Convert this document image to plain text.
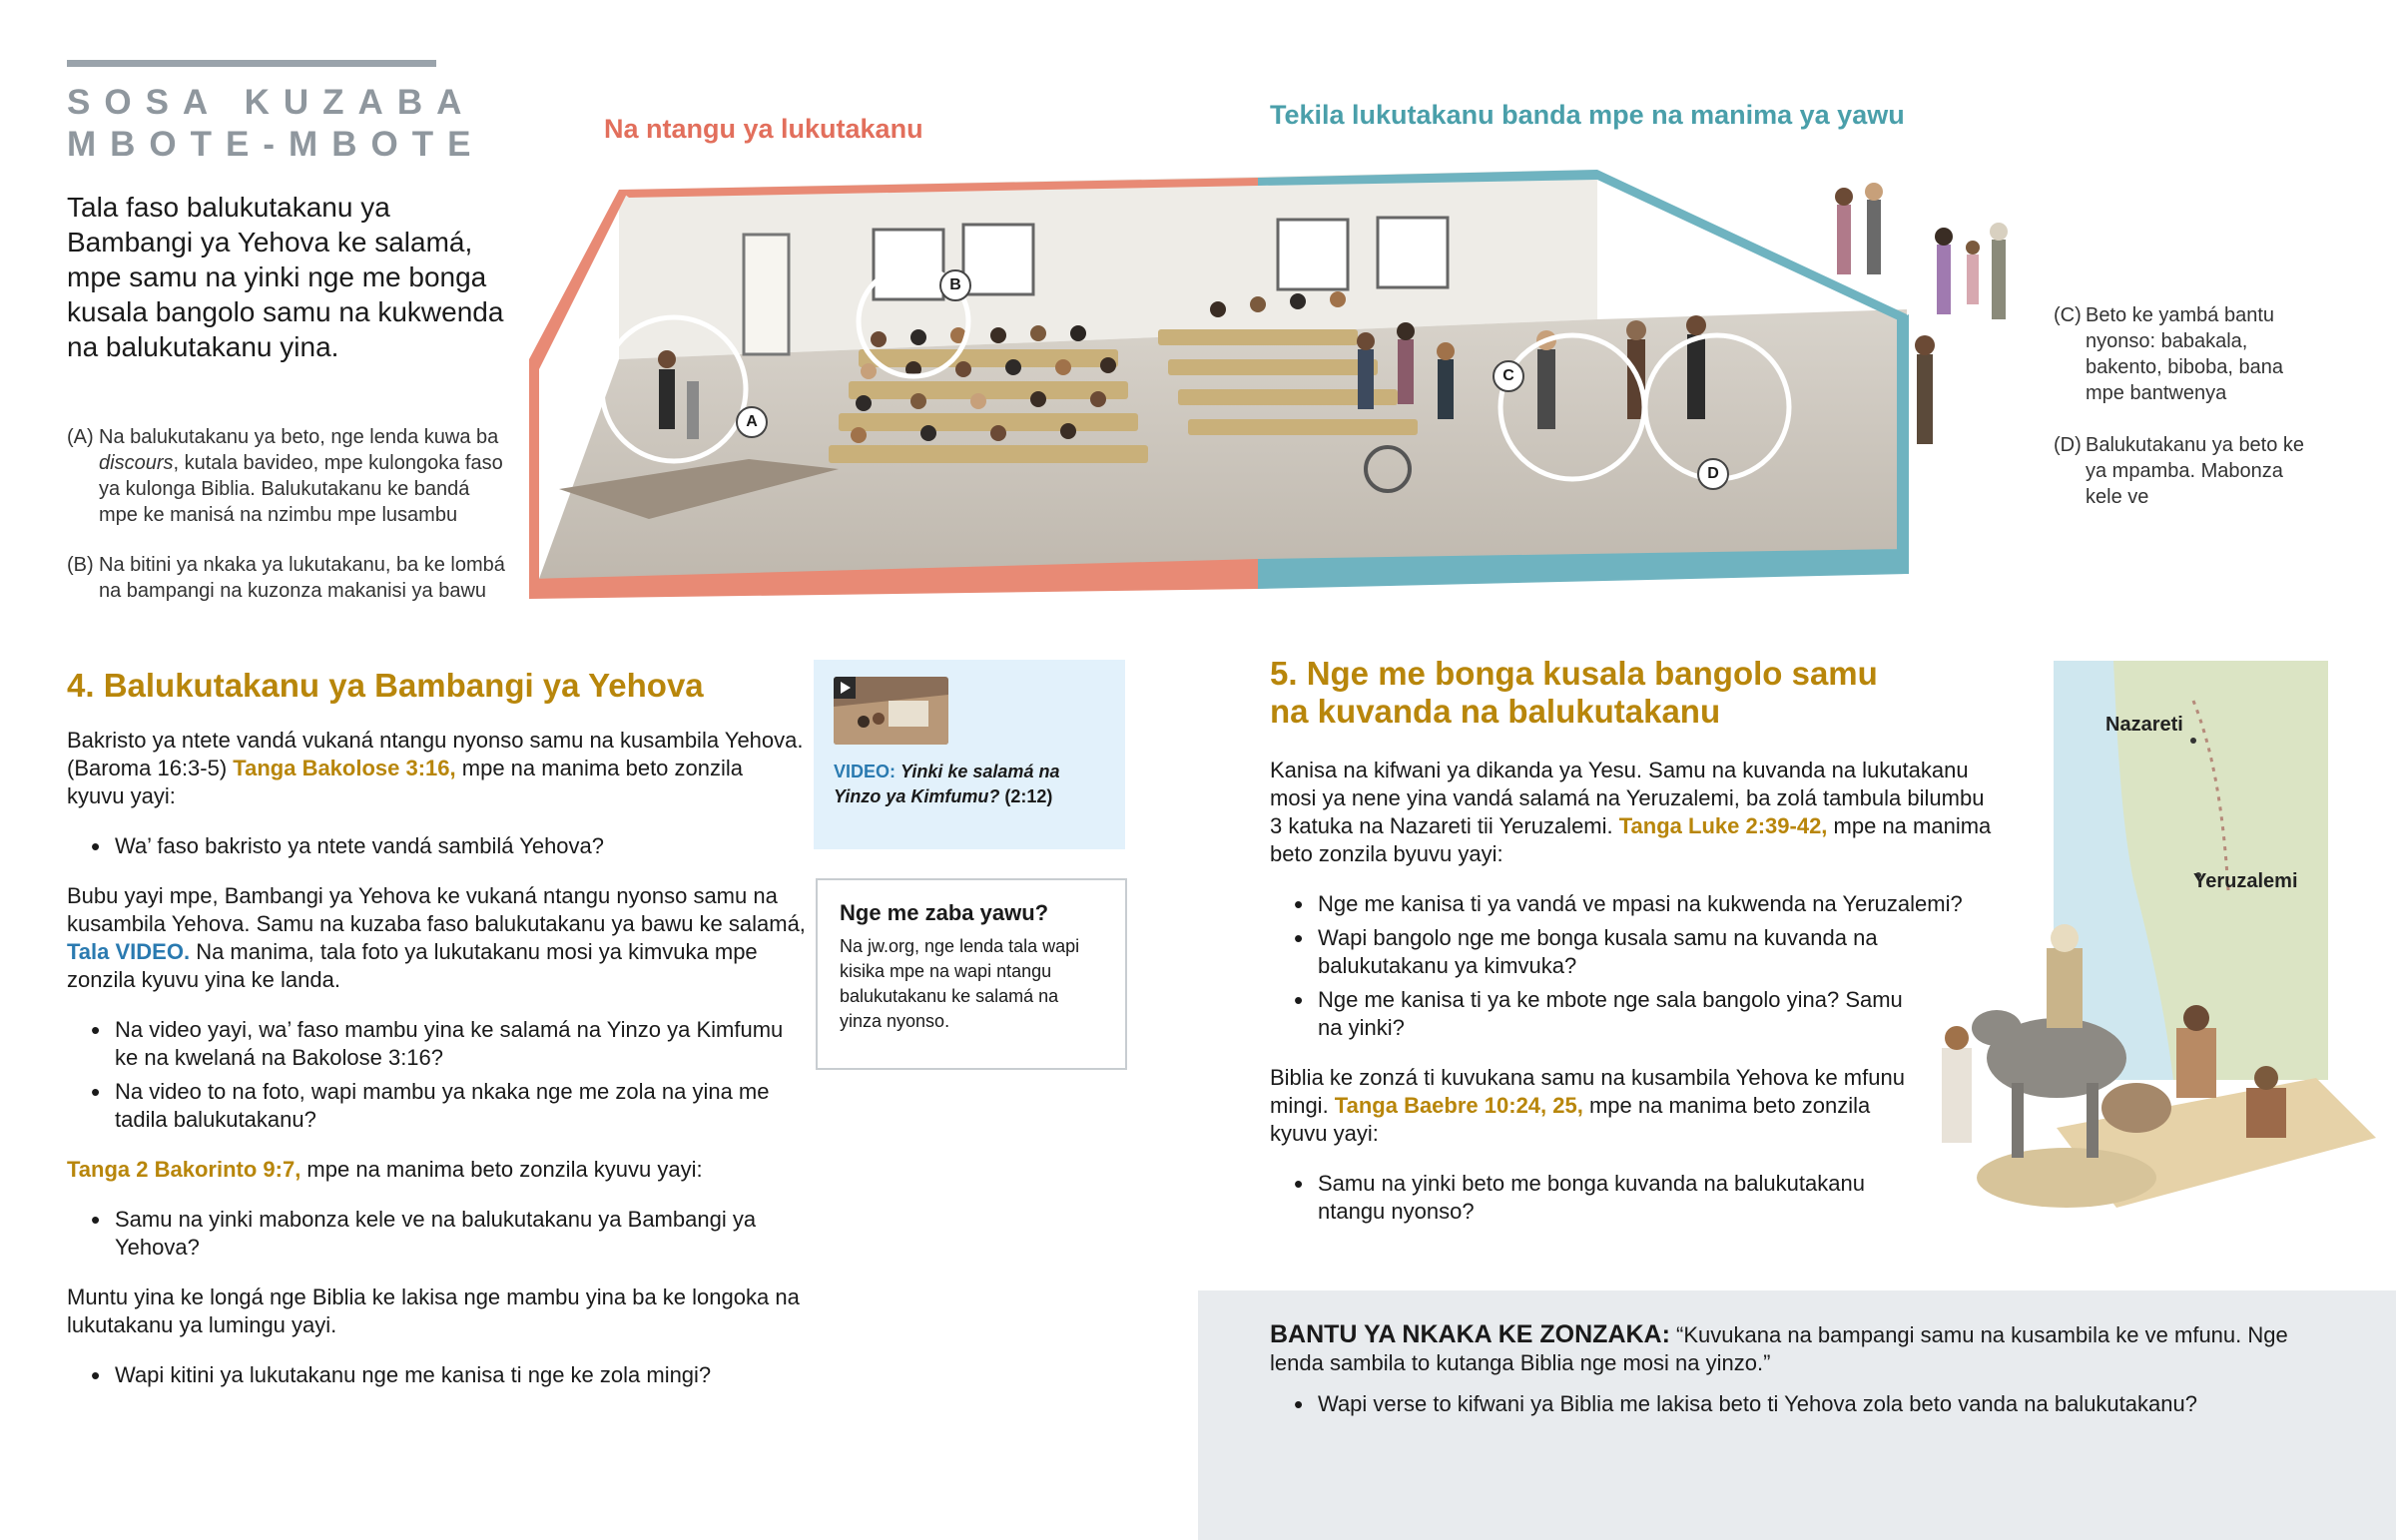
SOSA KUZABA
MBOTE-MBOTE
Tala faso balukutakanu ya Bambangi ya Yehova ke salamá, mpe samu na yinki nge me bonga kusala bangolo samu na kukwenda na balukutakanu yina.
(A) Na balukutakanu ya beto, nge lenda kuwa ba discours, kutala bavideo, mpe kulongoka faso ya kulonga Biblia. Balukutakanu ke bandá mpe ke manisá na nzimbu mpe lusambu
(B) Na bitini ya nkaka ya lukutakanu, ba ke lombá na bampangi na kuzonza makanisi ya bawu
(C) Beto ke yambá bantu nyonso: babakala, bakento, biboba, bana mpe bantwenya
(D) Balukutakanu ya beto ke ya mpamba. Mabonza kele ve
Na ntangu ya lukutakanu	Tekila lukutakanu banda mpe na manima ya yawu
A
B
C
D
4. Balukutakanu ya Bambangi ya Yehova

Bakristo ya ntete vandá vukaná ntangu nyonso samu na kusambila Yehova. (Baroma 16:3-5) Tanga Bakolose 3:16, mpe na manima beto zonzila kyuvu yayi:

• Wa’ faso bakristo ya ntete vandá sambilá Yehova?

Bubu yayi mpe, Bambangi ya Yehova ke vukaná ntangu nyonso samu na kusambila Yehova. Samu na kuzaba faso balukutakanu ya bawu ke salamá, Tala VIDEO. Na manima, tala foto ya lukutakanu mosi ya kimvuka mpe zonzila kyuvu yina ke landa.

• Na video yayi, wa’ faso mambu yina ke salamá na Yinzo ya Kimfumu ke na kwelaná na Bakolose 3:16?
• Na video to na foto, wapi mambu ya nkaka nge me zola na yina me tadila balukutakanu?

Tanga 2 Bakorinto 9:7, mpe na manima beto zonzila kyuvu yayi:

• Samu na yinki mabonza kele ve na balukutakanu ya Bambangi ya Yehova?

Muntu yina ke longá nge Biblia ke lakisa nge mambu yina ba ke longoka na lukutakanu ya lumingu yayi.

• Wapi kitini ya lukutakanu nge me kanisa ti nge ke zola mingi?
VIDEO: Yinki ke salamá na Yinzo ya Kimfumu? (2:12)
Nge me zaba yawu?

Na jw.org, nge lenda tala wapi kisika mpe na wapi ntangu balukutakanu ke salamá na yinza nyonso.

5. Nge me bonga kusala bangolo samu
na kuvanda na balukutakanu

Kanisa na kifwani ya dikanda ya Yesu. Samu na kuvanda na lukutakanu mosi ya nene yina vandá salamá na Yeruzalemi, ba zolá tambula bilumbu 3 katuka na Nazareti tii Yeruzalemi. Tanga Luke 2:39-42, mpe na manima beto zonzila byuvu yayi:

• Nge me kanisa ti ya vandá ve mpasi na kukwenda na Yeruzalemi?
• Wapi bangolo nge me bonga kusala samu na kuvanda na balukutakanu ya kimvuka?
• Nge me kanisa ti ya ke mbote nge sala bangolo yina? Samu na yinki?

Biblia ke zonzá ti kuvukana samu na kusambila Yehova ke mfunu mingi. Tanga Baebre 10:24, 25, mpe na manima beto zonzila kyuvu yayi:

• Samu na yinki beto me bonga kuvanda na balukutakanu ntangu nyonso?
Nazareti
Yeruzalemi
BANTU YA NKAKA KE ZONZAKA: “Kuvukana na bampangi samu na kusambila ke ve mfunu. Nge lenda sambila to kutanga Biblia nge mosi na yinzo.”
• Wapi verse to kifwani ya Biblia me lakisa beto ti Yehova zola beto vanda na balukutakanu?
